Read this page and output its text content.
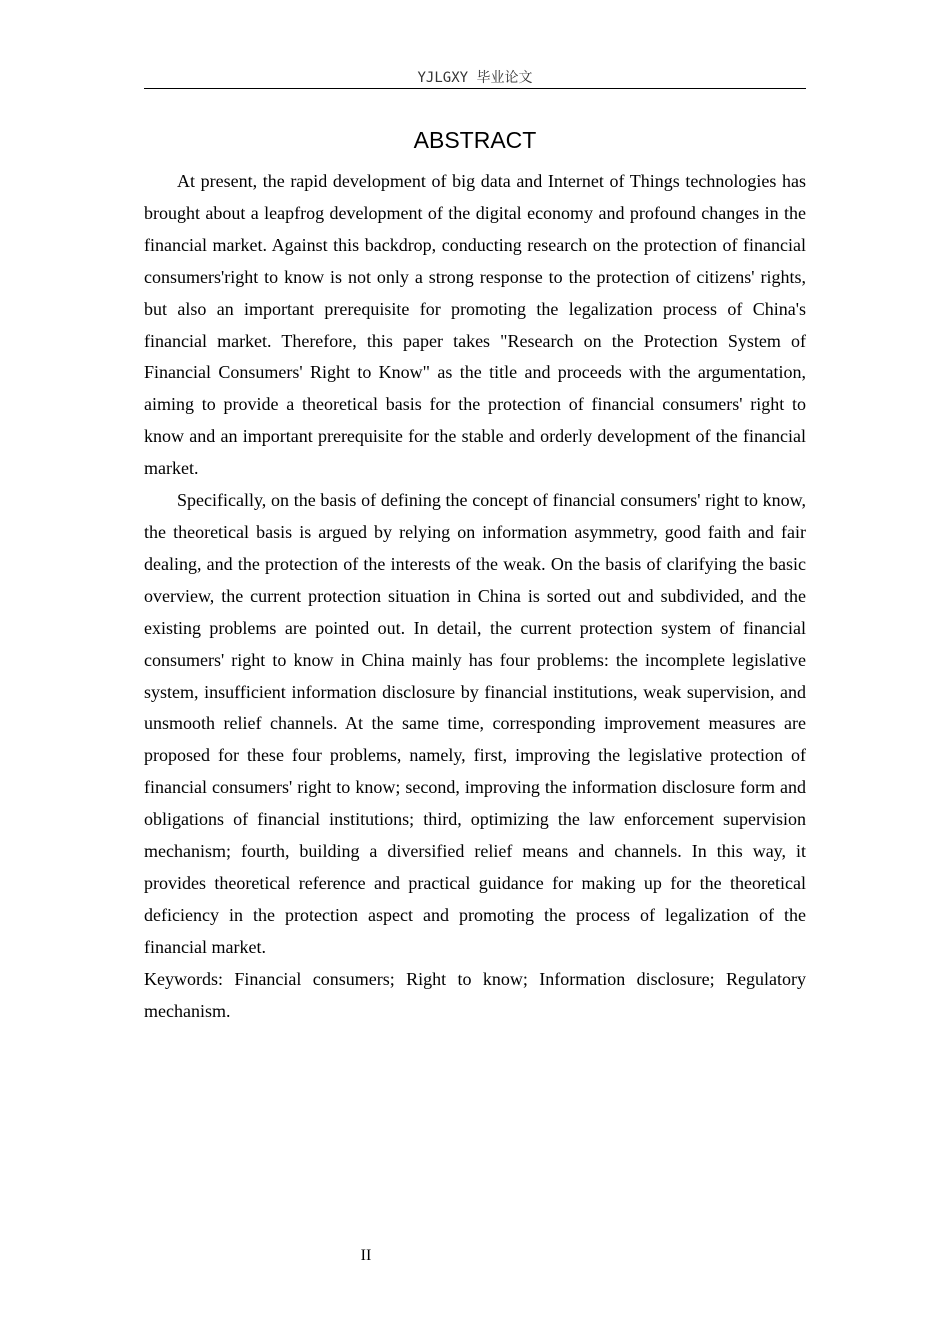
YJLGXY 毕业论文
ABSTRACT

At present, the rapid development of big data and Internet of Things technologies has brought about a leapfrog development of the digital economy and profound changes in the financial market. Against this backdrop, conducting research on the protection of financial consumers'right to know is not only a strong response to the protection of citizens' rights, but also an important prerequisite for promoting the legalization process of China's financial market. Therefore, this paper takes "Research on the Protection System of Financial Consumers' Right to Know" as the title and proceeds with the argumentation, aiming to provide a theoretical basis for the protection of financial consumers' right to know and an important prerequisite for the stable and orderly development of the financial market.

Specifically, on the basis of defining the concept of financial consumers' right to know, the theoretical basis is argued by relying on information asymmetry, good faith and fair dealing, and the protection of the interests of the weak. On the basis of clarifying the basic overview, the current protection situation in China is sorted out and subdivided, and the existing problems are pointed out. In detail, the current protection system of financial consumers' right to know in China mainly has four problems: the incomplete legislative system, insufficient information disclosure by financial institutions, weak supervision, and unsmooth relief channels. At the same time, corresponding improvement measures are proposed for these four problems, namely, first, improving the legislative protection of financial consumers' right to know; second, improving the information disclosure form and obligations of financial institutions; third, optimizing the law enforcement supervision mechanism; fourth, building a diversified relief means and channels. In this way, it provides theoretical reference and practical guidance for making up for the theoretical deficiency in the protection aspect and promoting the process of legalization of the financial market.

Keywords: Financial consumers; Right to know; Information disclosure; Regulatory mechanism.

II
